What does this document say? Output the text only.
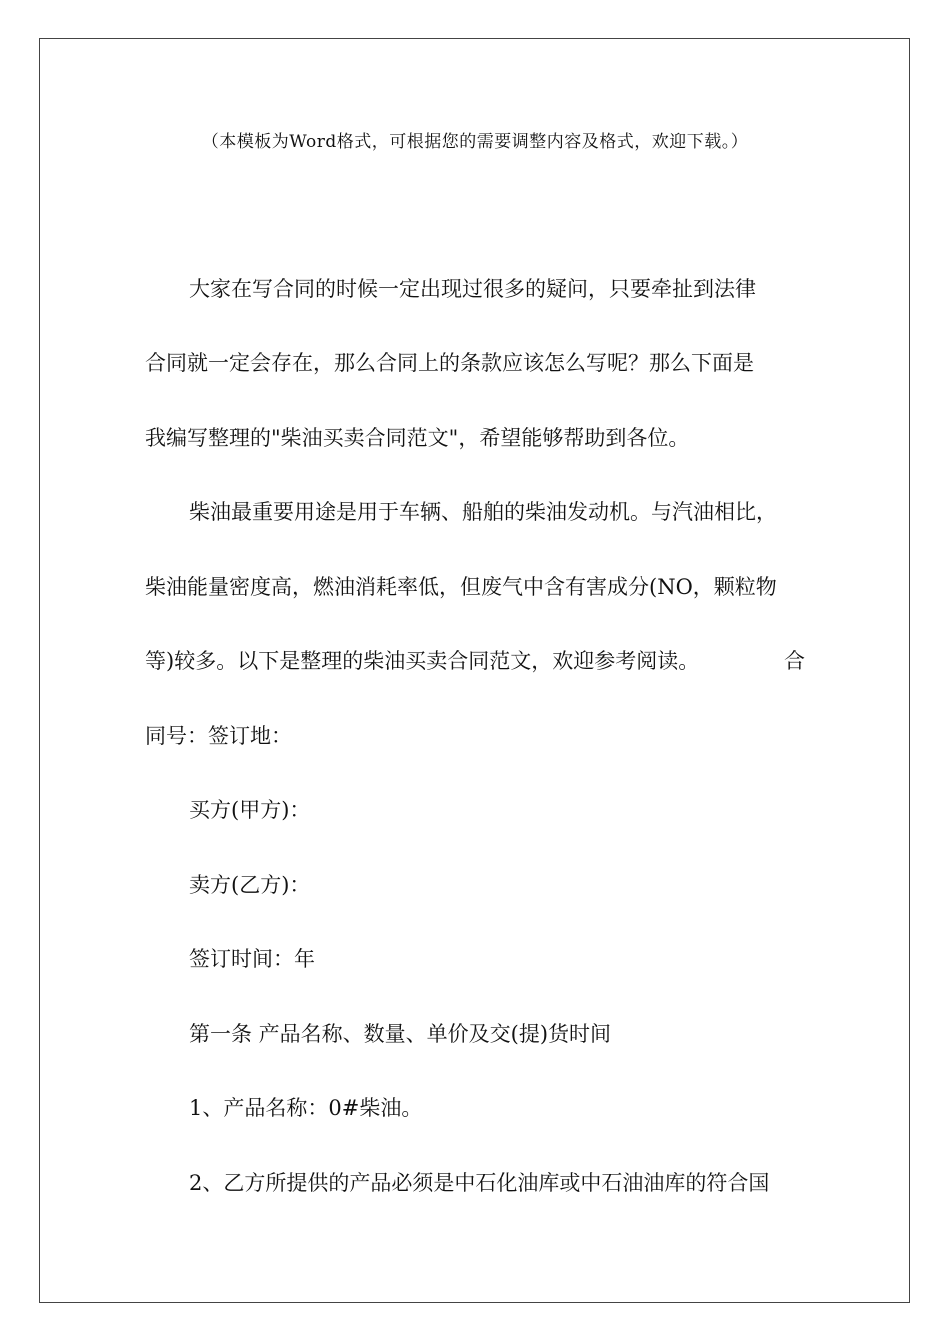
（本模板为Word格式，可根据您的需要调整内容及格式，欢迎下载。）
大家在写合同的时候一定出现过很多的疑问，只要牵扯到法律
合同就一定会存在，那么合同上的条款应该怎么写呢？那么下面是
我编写整理的"柴油买卖合同范文"，希望能够帮助到各位。
柴油最重要用途是用于车辆、船舶的柴油发动机。与汽油相比，
柴油能量密度高，燃油消耗率低，但废气中含有害成分(NO，颗粒物
等)较多。以下是整理的柴油买卖合同范文，欢迎参考阅读。	合
同号：签订地：
买方(甲方)：
卖方(乙方)：
签订时间：年
第一条 产品名称、数量、单价及交(提)货时间
1、产品名称：0#柴油。
2、乙方所提供的产品必须是中石化油库或中石油油库的符合国
